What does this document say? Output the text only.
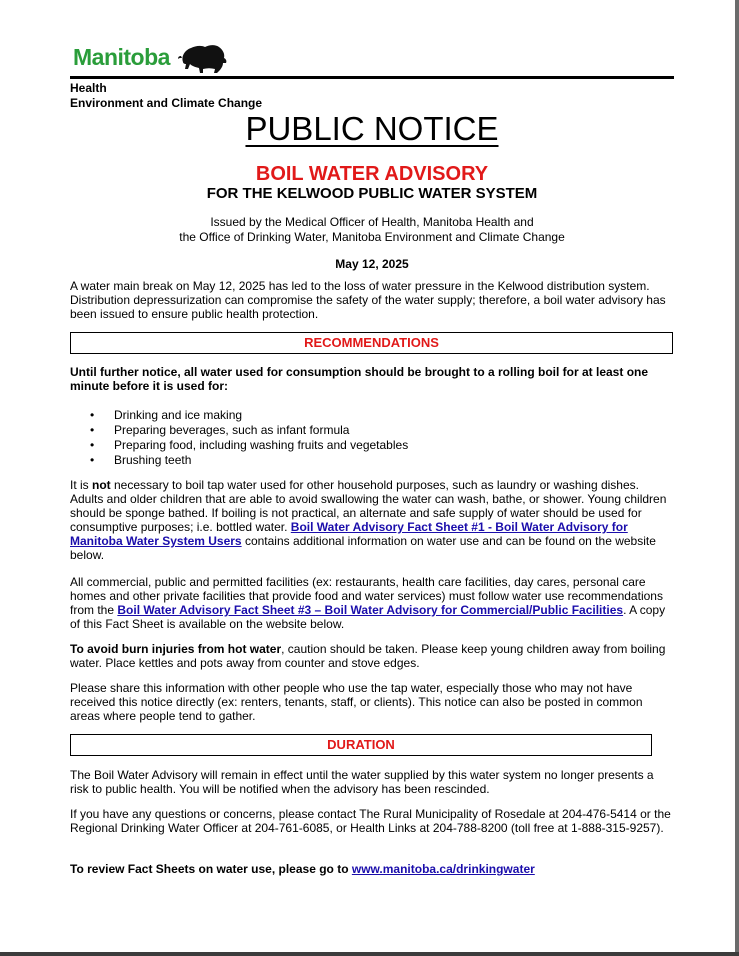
Manitoba
Health
Environment and Climate Change
PUBLIC NOTICE
BOIL WATER ADVISORY
FOR THE KELWOOD PUBLIC WATER SYSTEM
Issued by the Medical Officer of Health, Manitoba Health and
the Office of Drinking Water, Manitoba Environment and Climate Change
May 12, 2025
A water main break on May 12, 2025 has led to the loss of water pressure in the Kelwood distribution system. Distribution depressurization can compromise the safety of the water supply; therefore, a boil water advisory has been issued to ensure public health protection.
RECOMMENDATIONS
Until further notice, all water used for consumption should be brought to a rolling boil for at least one minute before it is used for:
• Drinking and ice making
• Preparing beverages, such as infant formula
• Preparing food, including washing fruits and vegetables
• Brushing teeth
It is not necessary to boil tap water used for other household purposes, such as laundry or washing dishes. Adults and older children that are able to avoid swallowing the water can wash, bathe, or shower. Young children should be sponge bathed. If boiling is not practical, an alternate and safe supply of water should be used for consumptive purposes; i.e. bottled water. Boil Water Advisory Fact Sheet #1 - Boil Water Advisory for Manitoba Water System Users contains additional information on water use and can be found on the website below.
All commercial, public and permitted facilities (ex: restaurants, health care facilities, day cares, personal care homes and other private facilities that provide food and water services) must follow water use recommendations from the Boil Water Advisory Fact Sheet #3 – Boil Water Advisory for Commercial/Public Facilities. A copy of this Fact Sheet is available on the website below.
To avoid burn injuries from hot water, caution should be taken. Please keep young children away from boiling water. Place kettles and pots away from counter and stove edges.
Please share this information with other people who use the tap water, especially those who may not have received this notice directly (ex: renters, tenants, staff, or clients). This notice can also be posted in common areas where people tend to gather.
DURATION
The Boil Water Advisory will remain in effect until the water supplied by this water system no longer presents a risk to public health. You will be notified when the advisory has been rescinded.
If you have any questions or concerns, please contact The Rural Municipality of Rosedale at 204-476-5414 or the Regional Drinking Water Officer at 204-761-6085, or Health Links at 204-788-8200 (toll free at 1-888-315-9257).
To review Fact Sheets on water use, please go to www.manitoba.ca/drinkingwater
